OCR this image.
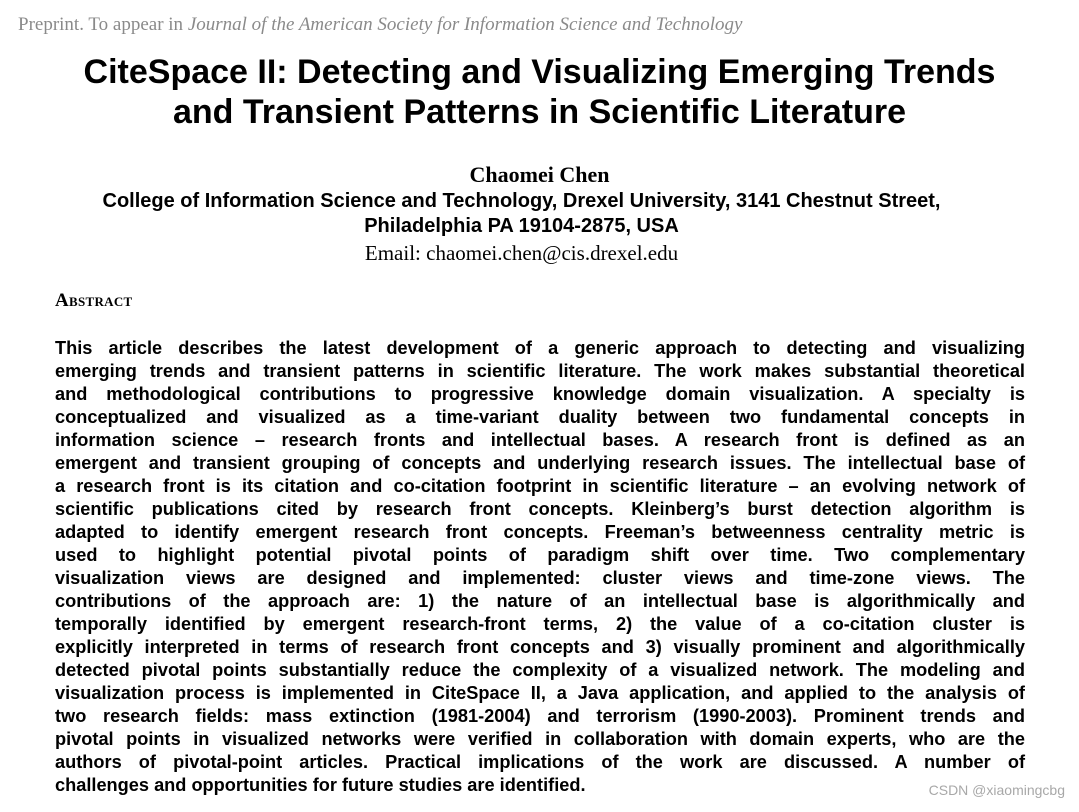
Preprint. To appear in Journal of the American Society for Information Science and Technology
CiteSpace II: Detecting and Visualizing Emerging Trends
and Transient Patterns in Scientific Literature
Chaomei Chen
College of Information Science and Technology, Drexel University, 3141 Chestnut Street,
Philadelphia PA 19104-2875, USA
Email: chaomei.chen@cis.drexel.edu
Abstract
This article describes the latest development of a generic approach to detecting and visualizing
emerging trends and transient patterns in scientific literature. The work makes substantial theoretical
and methodological contributions to progressive knowledge domain visualization. A specialty is
conceptualized and visualized as a time-variant duality between two fundamental concepts in
information science – research fronts and intellectual bases. A research front is defined as an
emergent and transient grouping of concepts and underlying research issues. The intellectual base of
a research front is its citation and co-citation footprint in scientific literature – an evolving network of
scientific publications cited by research front concepts. Kleinberg’s burst detection algorithm is
adapted to identify emergent research front concepts. Freeman’s betweenness centrality metric is
used to highlight potential pivotal points of paradigm shift over time. Two complementary
visualization views are designed and implemented: cluster views and time-zone views. The
contributions of the approach are: 1) the nature of an intellectual base is algorithmically and
temporally identified by emergent research-front terms, 2) the value of a co-citation cluster is
explicitly interpreted in terms of research front concepts and 3) visually prominent and algorithmically
detected pivotal points substantially reduce the complexity of a visualized network. The modeling and
visualization process is implemented in CiteSpace II, a Java application, and applied to the analysis of
two research fields: mass extinction (1981-2004) and terrorism (1990-2003). Prominent trends and
pivotal points in visualized networks were verified in collaboration with domain experts, who are the
authors of pivotal-point articles. Practical implications of the work are discussed. A number of
challenges and opportunities for future studies are identified.	CSDN @xiaomingcbg
